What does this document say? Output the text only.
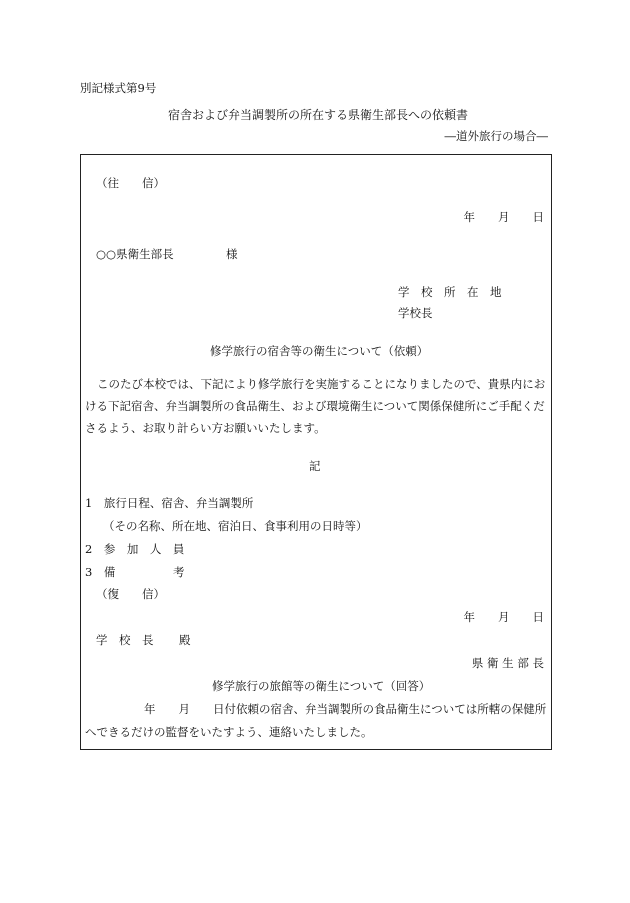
別記様式第9号
宿舎および弁当調製所の所在する県衛生部長への依頼書
―道外旅行の場合―
（往　　信）
年　　月　　日
○○県衛生部長	様
学　校　所　在　地
学校長
修学旅行の宿舎等の衛生について（依頼）
このたび本校では、下記により修学旅行を実施することになりましたので、貴県内における下記宿舎、弁当調製所の食品衛生、および環境衛生について関係保健所にご手配くださるよう、お取り計らい方お願いいたします。
記
1　旅行日程、宿舎、弁当調製所
（その名称、所在地、宿泊日、食事利用の日時等）
2　参　加　人　員
3　備	考
（復　　信）
年　　月　　日
学　校　長 殿
県 衛 生 部 長
修学旅行の旅館等の衛生について（回答）
年　　月　　日付依頼の宿舎、弁当調製所の食品衛生については所轄の保健所
へできるだけの監督をいたすよう、連絡いたしました。
